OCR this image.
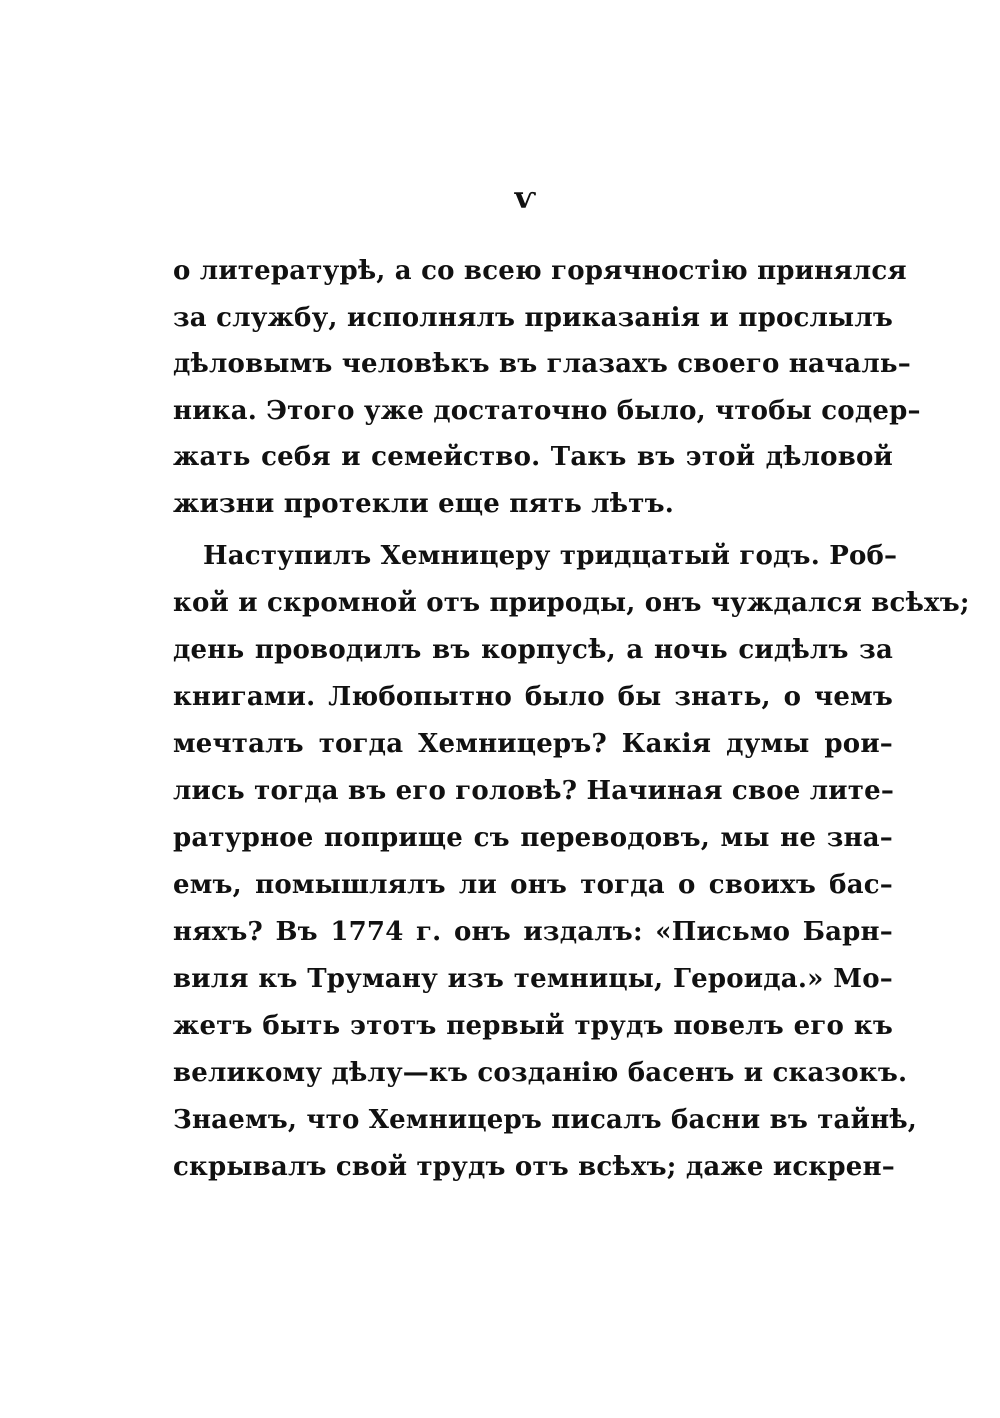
ѵ
о литературѣ, а со всею горячностію принялся
за службу, исполнялъ приказанія и прослылъ
дѣловымъ человѣкъ въ глазахъ своего началь–
ника. Этого уже достаточно было, чтобы содер–
жать себя и семейство. Такъ въ этой дѣловой
жизни протекли еще пять лѣтъ.
Наступилъ Хемницеру тридцатый годъ. Роб–
кой и скромной отъ природы, онъ чуждался всѣхъ;
день проводилъ въ корпусѣ, а ночь сидѣлъ за
книгами. Любопытно было бы знать, о чемъ
мечталъ тогда Хемницеръ? Какія думы рои–
лись тогда въ его головѣ? Начиная свое лите–
ратурное поприще съ переводовъ, мы не зна–
емъ, помышлялъ ли онъ тогда о своихъ бас–
няхъ? Въ 1774 г. онъ издалъ: «Письмо Барн–
виля къ Труману изъ темницы, Героида.» Мо–
жетъ быть этотъ первый трудъ повелъ его къ
великому дѣлу—къ созданію басенъ и сказокъ.
Знаемъ, что Хемницеръ писалъ басни въ тайнѣ,
скрывалъ свой трудъ отъ всѣхъ; даже искрен–
